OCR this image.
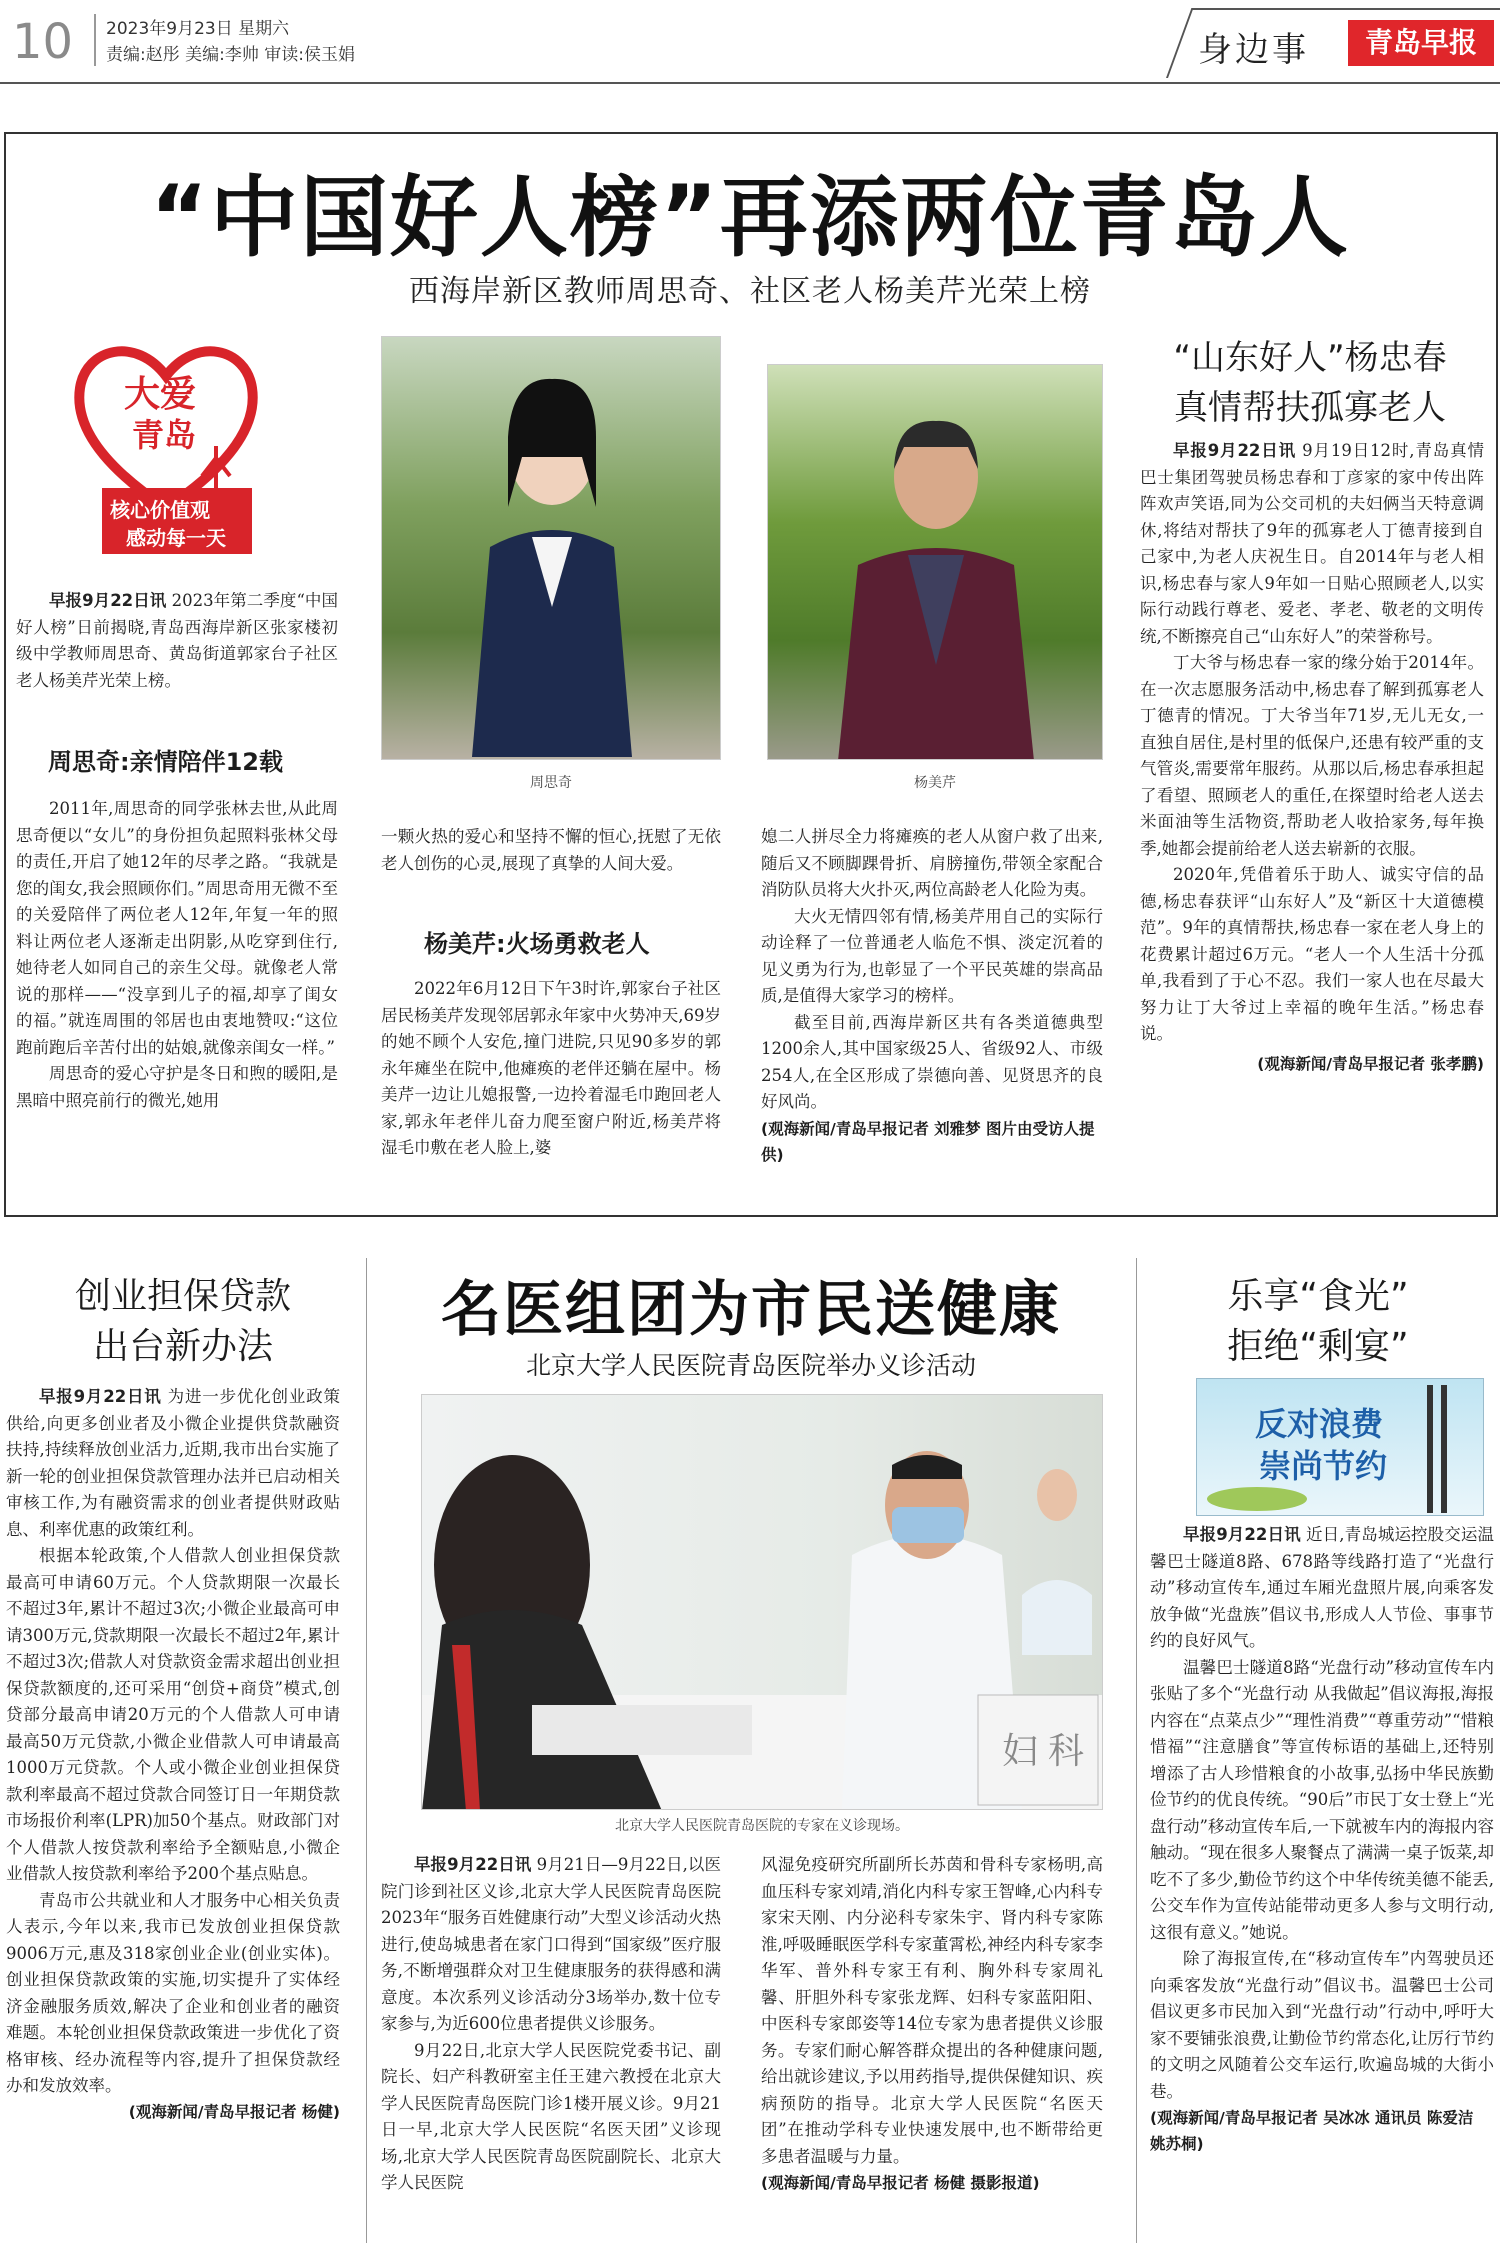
10 2023年9月23日 星期六
责编:赵彤 美编:李帅 审读:侯玉娟	身边事	青岛早报
“中国好人榜”再添两位青岛人
西海岸新区教师周思奇、社区老人杨美芹光荣上榜
大爱
青岛
核心价值观
感动每一天

早报9月22日讯 2023年第二季度“中国好人榜”日前揭晓,青岛西海岸新区张家楼初级中学教师周思奇、黄岛街道郭家台子社区老人杨美芹光荣上榜。

周思奇:亲情陪伴12载

2011年,周思奇的同学张林去世,从此周思奇便以“女儿”的身份担负起照料张林父母的责任,开启了她12年的尽孝之路。“我就是您的闺女,我会照顾你们。”周思奇用无微不至的关爱陪伴了两位老人12年,年复一年的照料让两位老人逐渐走出阴影,从吃穿到住行,她待老人如同自己的亲生父母。就像老人常说的那样——“没享到儿子的福,却享了闺女的福。”就连周围的邻居也由衷地赞叹:“这位跑前跑后辛苦付出的姑娘,就像亲闺女一样。”

周思奇的爱心守护是冬日和煦的暖阳,是黑暗中照亮前行的微光,她用

周思奇	杨美芹

一颗火热的爱心和坚持不懈的恒心,抚慰了无依老人创伤的心灵,展现了真挚的人间大爱。

杨美芹:火场勇救老人

2022年6月12日下午3时许,郭家台子社区居民杨美芹发现邻居郭永年家中火势冲天,69岁的她不顾个人安危,撞门进院,只见90多岁的郭永年瘫坐在院中,他瘫痪的老伴还躺在屋中。杨美芹一边让儿媳报警,一边拎着湿毛巾跑回老人家,郭永年老伴儿奋力爬至窗户附近,杨美芹将湿毛巾敷在老人脸上,婆

媳二人拼尽全力将瘫痪的老人从窗户救了出来,随后又不顾脚踝骨折、肩膀撞伤,带领全家配合消防队员将大火扑灭,两位高龄老人化险为夷。

大火无情四邻有情,杨美芹用自己的实际行动诠释了一位普通老人临危不惧、淡定沉着的见义勇为行为,也彰显了一个平民英雄的崇高品质,是值得大家学习的榜样。

截至目前,西海岸新区共有各类道德典型1200余人,其中国家级25人、省级92人、市级254人,在全区形成了崇德向善、见贤思齐的良好风尚。

(观海新闻/青岛早报记者 刘雅梦 图片由受访人提供)
“山东好人”杨忠春
真情帮扶孤寡老人

早报9月22日讯 9月19日12时,青岛真情巴士集团驾驶员杨忠春和丁彦家的家中传出阵阵欢声笑语,同为公交司机的夫妇俩当天特意调休,将结对帮扶了9年的孤寡老人丁德青接到自己家中,为老人庆祝生日。自2014年与老人相识,杨忠春与家人9年如一日贴心照顾老人,以实际行动践行尊老、爱老、孝老、敬老的文明传统,不断擦亮自己“山东好人”的荣誉称号。

丁大爷与杨忠春一家的缘分始于2014年。在一次志愿服务活动中,杨忠春了解到孤寡老人丁德青的情况。丁大爷当年71岁,无儿无女,一直独自居住,是村里的低保户,还患有较严重的支气管炎,需要常年服药。从那以后,杨忠春承担起了看望、照顾老人的重任,在探望时给老人送去米面油等生活物资,帮助老人收拾家务,每年换季,她都会提前给老人送去崭新的衣服。

2020年,凭借着乐于助人、诚实守信的品德,杨忠春获评“山东好人”及“新区十大道德模范”。9年的真情帮扶,杨忠春一家在老人身上的花费累计超过6万元。“老人一个人生活十分孤单,我看到了于心不忍。我们一家人也在尽最大努力让丁大爷过上幸福的晚年生活。”杨忠春说。

(观海新闻/青岛早报记者 张孝鹏)
创业担保贷款
出台新办法

早报9月22日讯 为进一步优化创业政策供给,向更多创业者及小微企业提供贷款融资扶持,持续释放创业活力,近期,我市出台实施了新一轮的创业担保贷款管理办法并已启动相关审核工作,为有融资需求的创业者提供财政贴息、利率优惠的政策红利。

根据本轮政策,个人借款人创业担保贷款最高可申请60万元。个人贷款期限一次最长不超过3年,累计不超过3次;小微企业最高可申请300万元,贷款期限一次最长不超过2年,累计不超过3次;借款人对贷款资金需求超出创业担保贷款额度的,还可采用“创贷+商贷”模式,创贷部分最高申请20万元的个人借款人可申请最高50万元贷款,小微企业借款人可申请最高1000万元贷款。个人或小微企业创业担保贷款利率最高不超过贷款合同签订日一年期贷款市场报价利率(LPR)加50个基点。财政部门对个人借款人按贷款利率给予全额贴息,小微企业借款人按贷款利率给予200个基点贴息。

青岛市公共就业和人才服务中心相关负责人表示,今年以来,我市已发放创业担保贷款9006万元,惠及318家创业企业(创业实体)。创业担保贷款政策的实施,切实提升了实体经济金融服务质效,解决了企业和创业者的融资难题。本轮创业担保贷款政策进一步优化了资格审核、经办流程等内容,提升了担保贷款经办和发放效率。

(观海新闻/青岛早报记者 杨健)
名医组团为市民送健康
北京大学人民医院青岛医院举办义诊活动
妇 科
北京大学人民医院青岛医院的专家在义诊现场。

早报9月22日讯 9月21日—9月22日,以医院门诊到社区义诊,北京大学人民医院青岛医院2023年“服务百姓健康行动”大型义诊活动火热进行,使岛城患者在家门口得到“国家级”医疗服务,不断增强群众对卫生健康服务的获得感和满意度。本次系列义诊活动分3场举办,数十位专家参与,为近600位患者提供义诊服务。

9月22日,北京大学人民医院党委书记、副院长、妇产科教研室主任王建六教授在北京大学人民医院青岛医院门诊1楼开展义诊。9月21日一早,北京大学人民医院“名医天团”义诊现场,北京大学人民医院青岛医院副院长、北京大学人民医院

风湿免疫研究所副所长苏茵和骨科专家杨明,高血压科专家刘靖,消化内科专家王智峰,心内科专家宋天刚、内分泌科专家朱宇、肾内科专家陈淮,呼吸睡眠医学科专家董霄松,神经内科专家李华军、普外科专家王有利、胸外科专家周礼馨、肝胆外科专家张龙辉、妇科专家蓝阳阳、中医科专家郎姿等14位专家为患者提供义诊服务。专家们耐心解答群众提出的各种健康问题,给出就诊建议,予以用药指导,提供保健知识、疾病预防的指导。北京大学人民医院“名医天团”在推动学科专业快速发展中,也不断带给更多患者温暖与力量。

(观海新闻/青岛早报记者 杨健 摄影报道)
乐享“食光”
拒绝“剩宴”
反对浪费
崇尚节约

早报9月22日讯 近日,青岛城运控股交运温馨巴士隧道8路、678路等线路打造了“光盘行动”移动宣传车,通过车厢光盘照片展,向乘客发放争做“光盘族”倡议书,形成人人节俭、事事节约的良好风气。

温馨巴士隧道8路“光盘行动”移动宣传车内张贴了多个“光盘行动 从我做起”倡议海报,海报内容在“点菜点少”“理性消费”“尊重劳动”“惜粮惜福”“注意膳食”等宣传标语的基础上,还特别增添了古人珍惜粮食的小故事,弘扬中华民族勤俭节约的优良传统。“90后”市民丁女士登上“光盘行动”移动宣传车后,一下就被车内的海报内容触动。“现在很多人聚餐点了满满一桌子饭菜,却吃不了多少,勤俭节约这个中华传统美德不能丢,公交车作为宣传站能带动更多人参与文明行动,这很有意义。”她说。

除了海报宣传,在“移动宣传车”内驾驶员还向乘客发放“光盘行动”倡议书。温馨巴士公司倡议更多市民加入到“光盘行动”行动中,呼吁大家不要铺张浪费,让勤俭节约常态化,让厉行节约的文明之风随着公交车运行,吹遍岛城的大街小巷。

(观海新闻/青岛早报记者 吴冰冰 通讯员 陈爱洁 姚苏桐)
